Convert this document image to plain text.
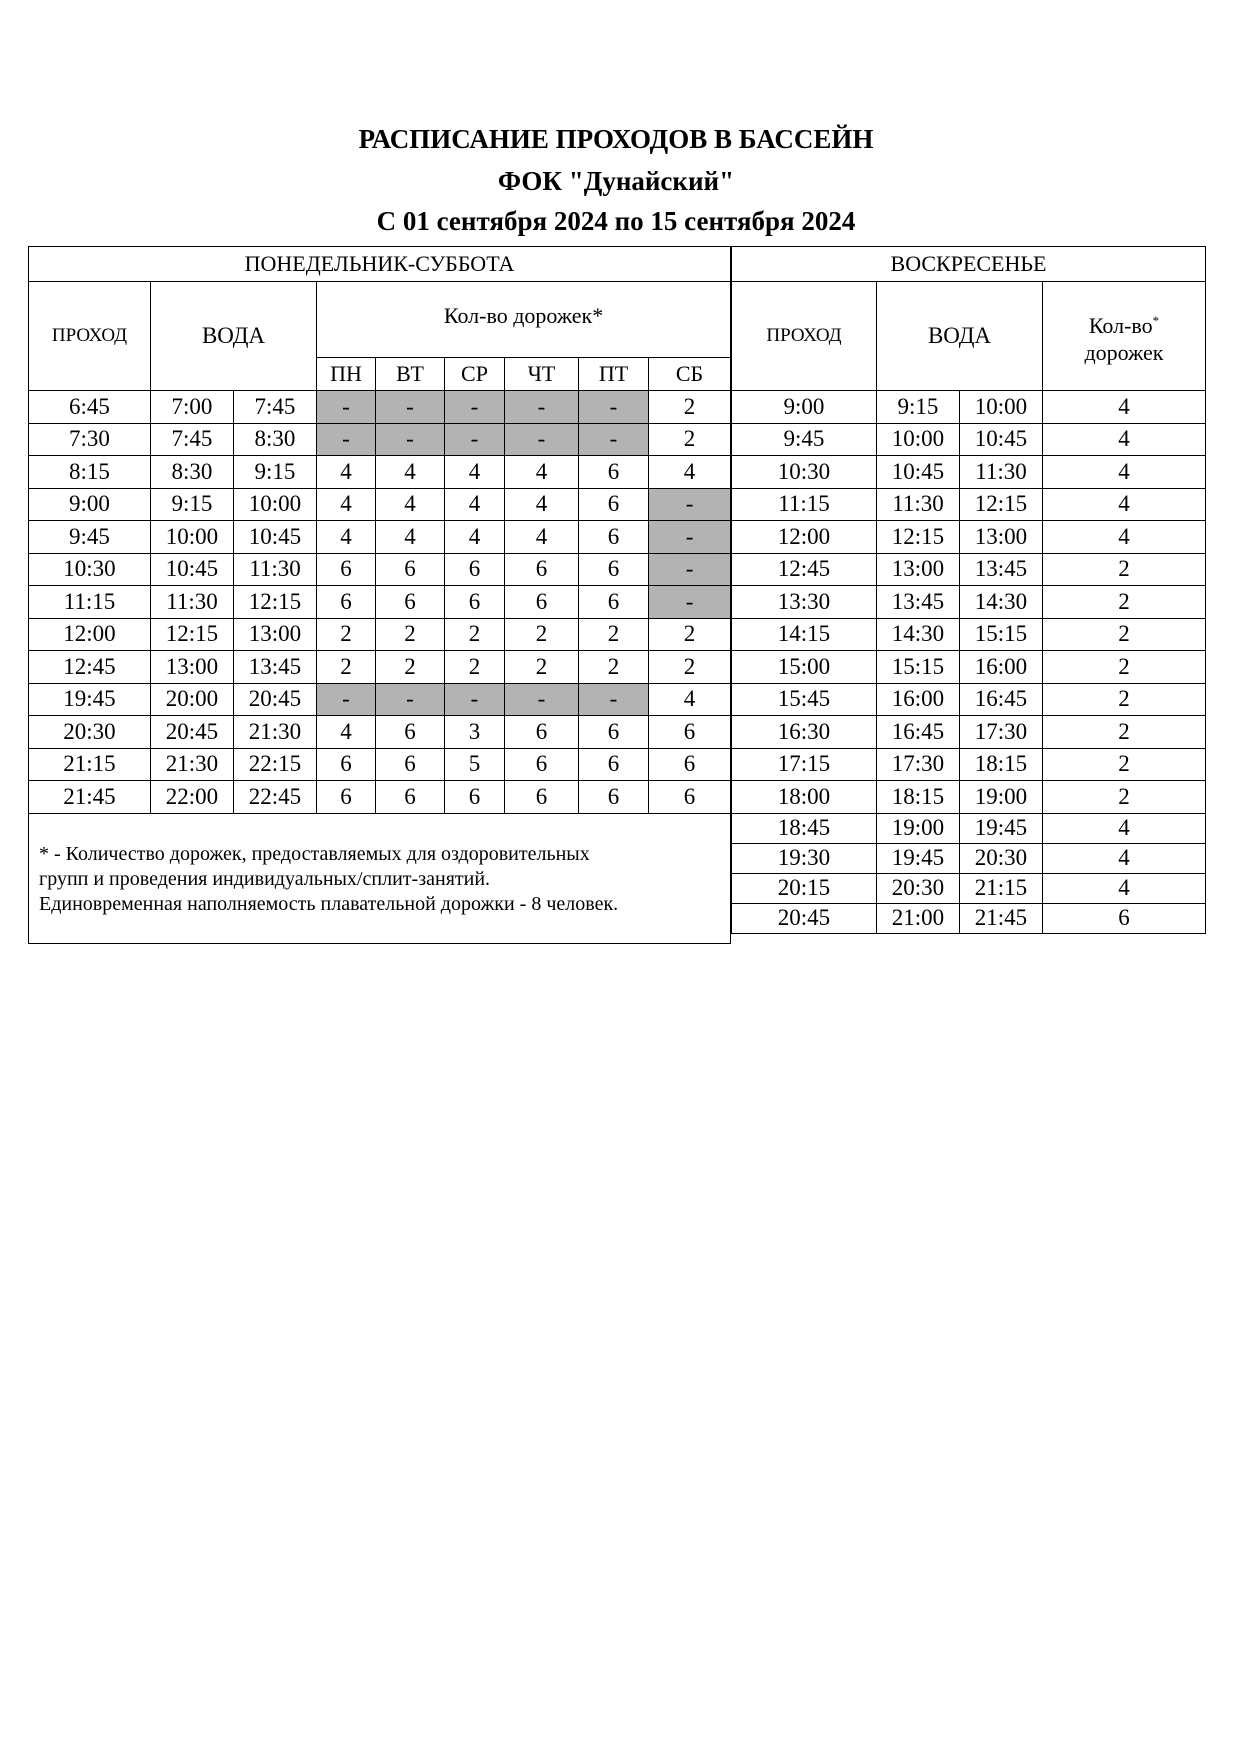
РАСПИСАНИЕ ПРОХОДОВ В БАССЕЙН
ФОК "Дунайский"
С 01 сентября 2024 по 15 сентября 2024
ПОНЕДЕЛЬНИК-СУББОТА								
ПРОХОД	ВОДА		Кол-во дорожек*					
			ПН	ВТ	СР	ЧТ	ПТ	СБ
6:45	7:00	7:45	-	-	-	-	-	2
7:30	7:45	8:30	-	-	-	-	-	2
8:15	8:30	9:15	4	4	4	4	6	4
9:00	9:15	10:00	4	4	4	4	6	-
9:45	10:00	10:45	4	4	4	4	6	-
10:30	10:45	11:30	6	6	6	6	6	-
11:15	11:30	12:15	6	6	6	6	6	-
12:00	12:15	13:00	2	2	2	2	2	2
12:45	13:00	13:45	2	2	2	2	2	2
19:45	20:00	20:45	-	-	-	-	-	4
20:30	20:45	21:30	4	6	3	6	6	6
21:15	21:30	22:15	6	6	5	6	6	6
21:45	22:00	22:45	6	6	6	6	6	6

* - Количество дорожек, предоставляемых для оздоровительных
групп и проведения индивидуальных/сплит-занятий.
Единовременная наполняемость плавательной дорожки - 8 человек.								
ВОСКРЕСЕНЬЕ			
ПРОХОД	ВОДА		Кол-во*
дорожек
9:00	9:15	10:00	4
9:45	10:00	10:45	4
10:30	10:45	11:30	4
11:15	11:30	12:15	4
12:00	12:15	13:00	4
12:45	13:00	13:45	2
13:30	13:45	14:30	2
14:15	14:30	15:15	2
15:00	15:15	16:00	2
15:45	16:00	16:45	2
16:30	16:45	17:30	2
17:15	17:30	18:15	2
18:00	18:15	19:00	2
18:45	19:00	19:45	4
19:30	19:45	20:30	4
20:15	20:30	21:15	4
20:45	21:00	21:45	6
